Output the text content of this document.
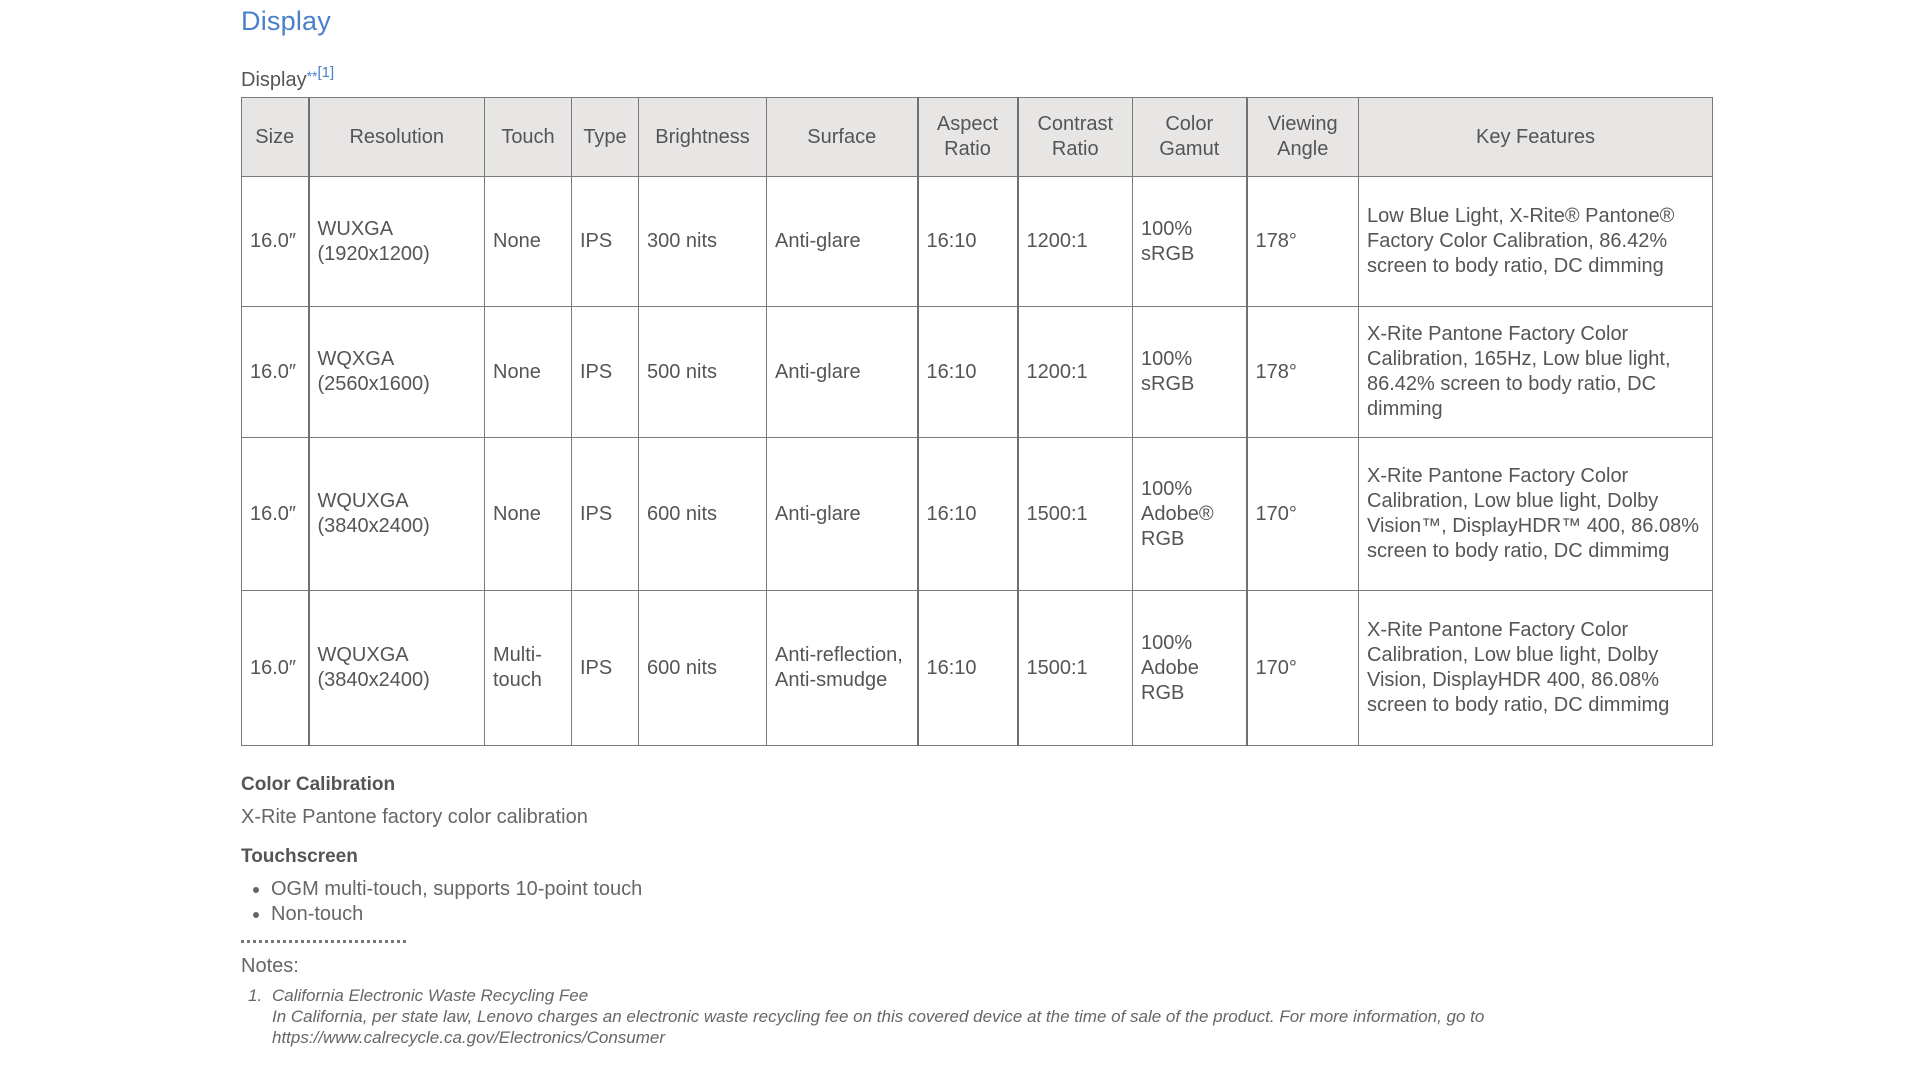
Display
Display$^{**[1]}$
Size	Resolution	Touch	Type	Brightness	Surface	Aspect Ratio	Contrast Ratio	Color Gamut	Viewing Angle	Key Features
16.0″	WUXGA (1920x1200)	None	IPS	300 nits	Anti-glare	16:10	1200:1	100% sRGB	178°	Low Blue Light, X-Rite® Pantone® Factory Color Calibration, 86.42% screen to body ratio, DC dimming
16.0″	WQXGA (2560x1600)	None	IPS	500 nits	Anti-glare	16:10	1200:1	100% sRGB	178°	X-Rite Pantone Factory Color Calibration, 165Hz, Low blue light, 86.42% screen to body ratio, DC dimming
16.0″	WQUXGA (3840x2400)	None	IPS	600 nits	Anti-glare	16:10	1500:1	100% Adobe® RGB	170°	X-Rite Pantone Factory Color Calibration, Low blue light, Dolby Vision™, DisplayHDR™ 400, 86.08% screen to body ratio, DC dimmimg
16.0″	WQUXGA (3840x2400)	Multi-touch	IPS	600 nits	Anti-reflection, Anti-smudge	16:10	1500:1	100% Adobe RGB	170°	X-Rite Pantone Factory Color Calibration, Low blue light, Dolby Vision, DisplayHDR 400, 86.08% screen to body ratio, DC dimmimg
Color Calibration
X-Rite Pantone factory color calibration
Touchscreen
• OGM multi-touch, supports 10-point touch
• Non-touch
Notes:
1. California Electronic Waste Recycling Fee
In California, per state law, Lenovo charges an electronic waste recycling fee on this covered device at the time of sale of the product. For more information, go to https://www.calrecycle.ca.gov/Electronics/Consumer
